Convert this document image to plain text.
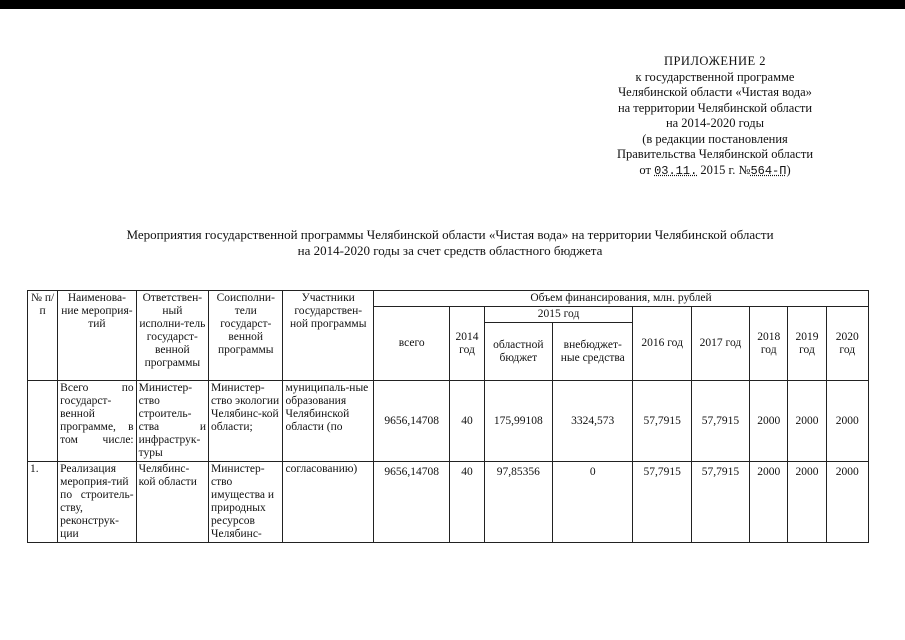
ПРИЛОЖЕНИЕ 2
к государственной программе
Челябинской области «Чистая вода»
на территории Челябинской области
на 2014-2020 годы
(в редакции постановления
Правительства Челябинской области
от 03.11. 2015 г. №564-П)
Мероприятия государственной программы Челябинской области «Чистая вода» на территории Челябинской области
на 2014-2020 годы за счет средств областного бюджета
№ п/п	Наименова-ние мероприя-тий	Ответствен-ный исполни-тель государст-венной программы	Соисполни-тели государст-венной программы	Участники государствен-ной программы	Объем финансирования, млн. рублей								
					всего	2014 год	2015 год		2016 год	2017 год	2018 год	2019 год	2020 год
							областной бюджет	внебюджет-ные средства					
	Всего по государст-венной программе, в том числе:	Министер-ство строитель-ства и инфраструк-туры	Министер-ство экологии Челябинс-кой области;	муниципаль-ные образования Челябинской области (по	9656,14708	40	175,99108	3324,573	57,7915	57,7915	2000	2000	2000
1.	Реализация мероприя-тий по строитель-ству, реконструк-ции	Челябинс-кой области	Министер-ство имущества и природных ресурсов Челябинс-	согласованию)	9656,14708	40	97,85356	0	57,7915	57,7915	2000	2000	2000
